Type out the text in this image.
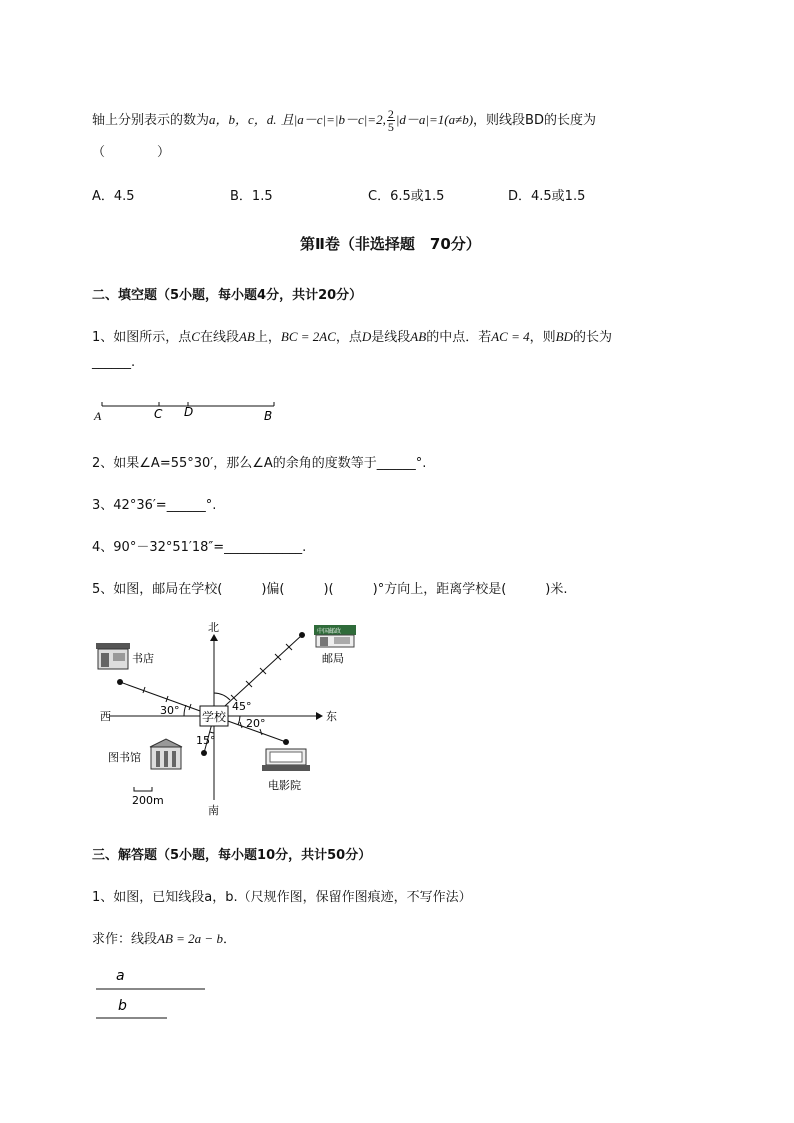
轴上分别表示的数为a，b，c，d. 且|a－c|=|b－c|=2, $\frac{2}{5} |d-a|=1(a\ne b)$，则线段BD的长度为
（　　　　）
A．4.5	B．1.5	C．6.5或1.5	D．4.5或1.5
第Ⅱ卷（非选择题　70分）
二、填空题（5小题，每小题4分，共计20分）
1、如图所示，点C在线段AB上，BC = 2AC，点D是线段AB的中点．若AC = 4，则BD的长为
______.
A	C D	B
2、如果∠A=55°30′，那么∠A的余角的度数等于______°.
3、42°36′=______°.
4、90°－32°51′18″=____________.
5、如图，邮局在学校(　　　)偏(　　　)(　　　)°方向上，距离学校是(　　　)米.
北
南
东
西	30°	45°
20°
15°
学校
书店
中国邮政
邮局
图书馆
电影院
200m
三、解答题（5小题，每小题10分，共计50分）
1、如图，已知线段a，b.（尺规作图，保留作图痕迹，不写作法）
求作：线段AB = 2a − b．
a
b
